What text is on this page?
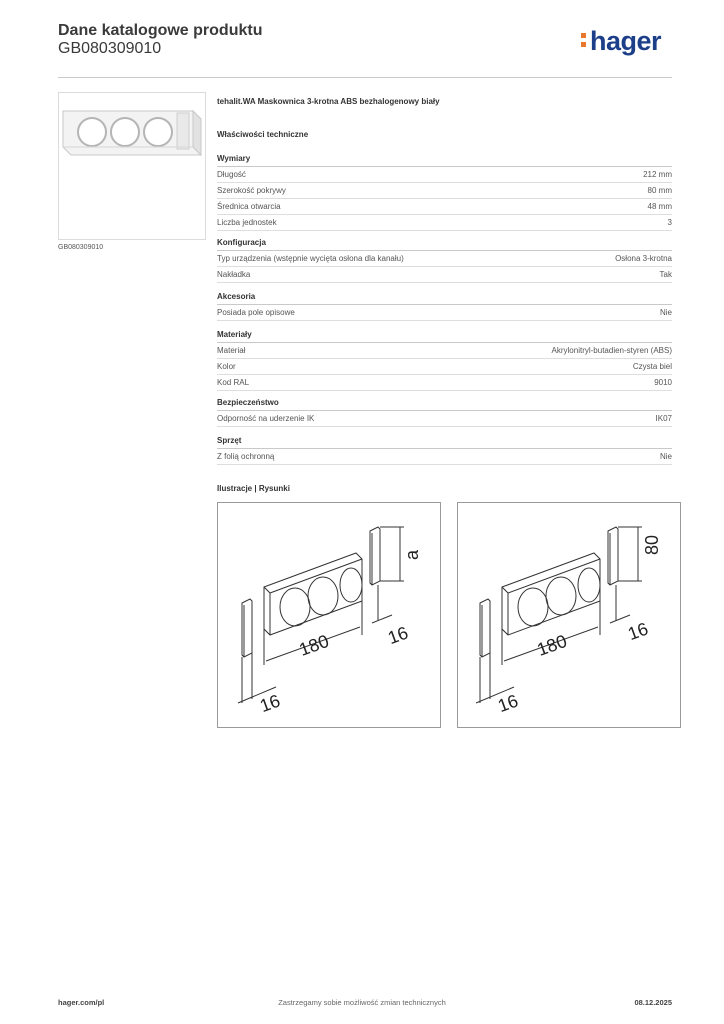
Dane katalogowe produktu
GB080309010	hager
GB080309010
tehalit.WA Maskownica 3-krotna ABS bezhalogenowy biały
Właściwości techniczne
Wymiary
Długość	212 mm
Szerokość pokrywy	80 mm
Średnica otwarcia	48 mm
Liczba jednostek	3
Konfiguracja
Typ urządzenia (wstępnie wycięta osłona dla kanału)	Osłona 3-krotna
Nakładka	Tak
Akcesoria
Posiada pole opisowe	Nie
Materiały
Materiał	Akrylonitryl-butadien-styren (ABS)
Kolor	Czysta biel
Kod RAL	9010
Bezpieczeństwo
Odporność na uderzenie IK	IK07
Sprzęt
Z folią ochronną	Nie
Ilustracje | Rysunki
a
180	16
16
80
180	16
16
hager.com/pl	Zastrzegamy sobie możliwość zmian technicznych	08.12.2025
